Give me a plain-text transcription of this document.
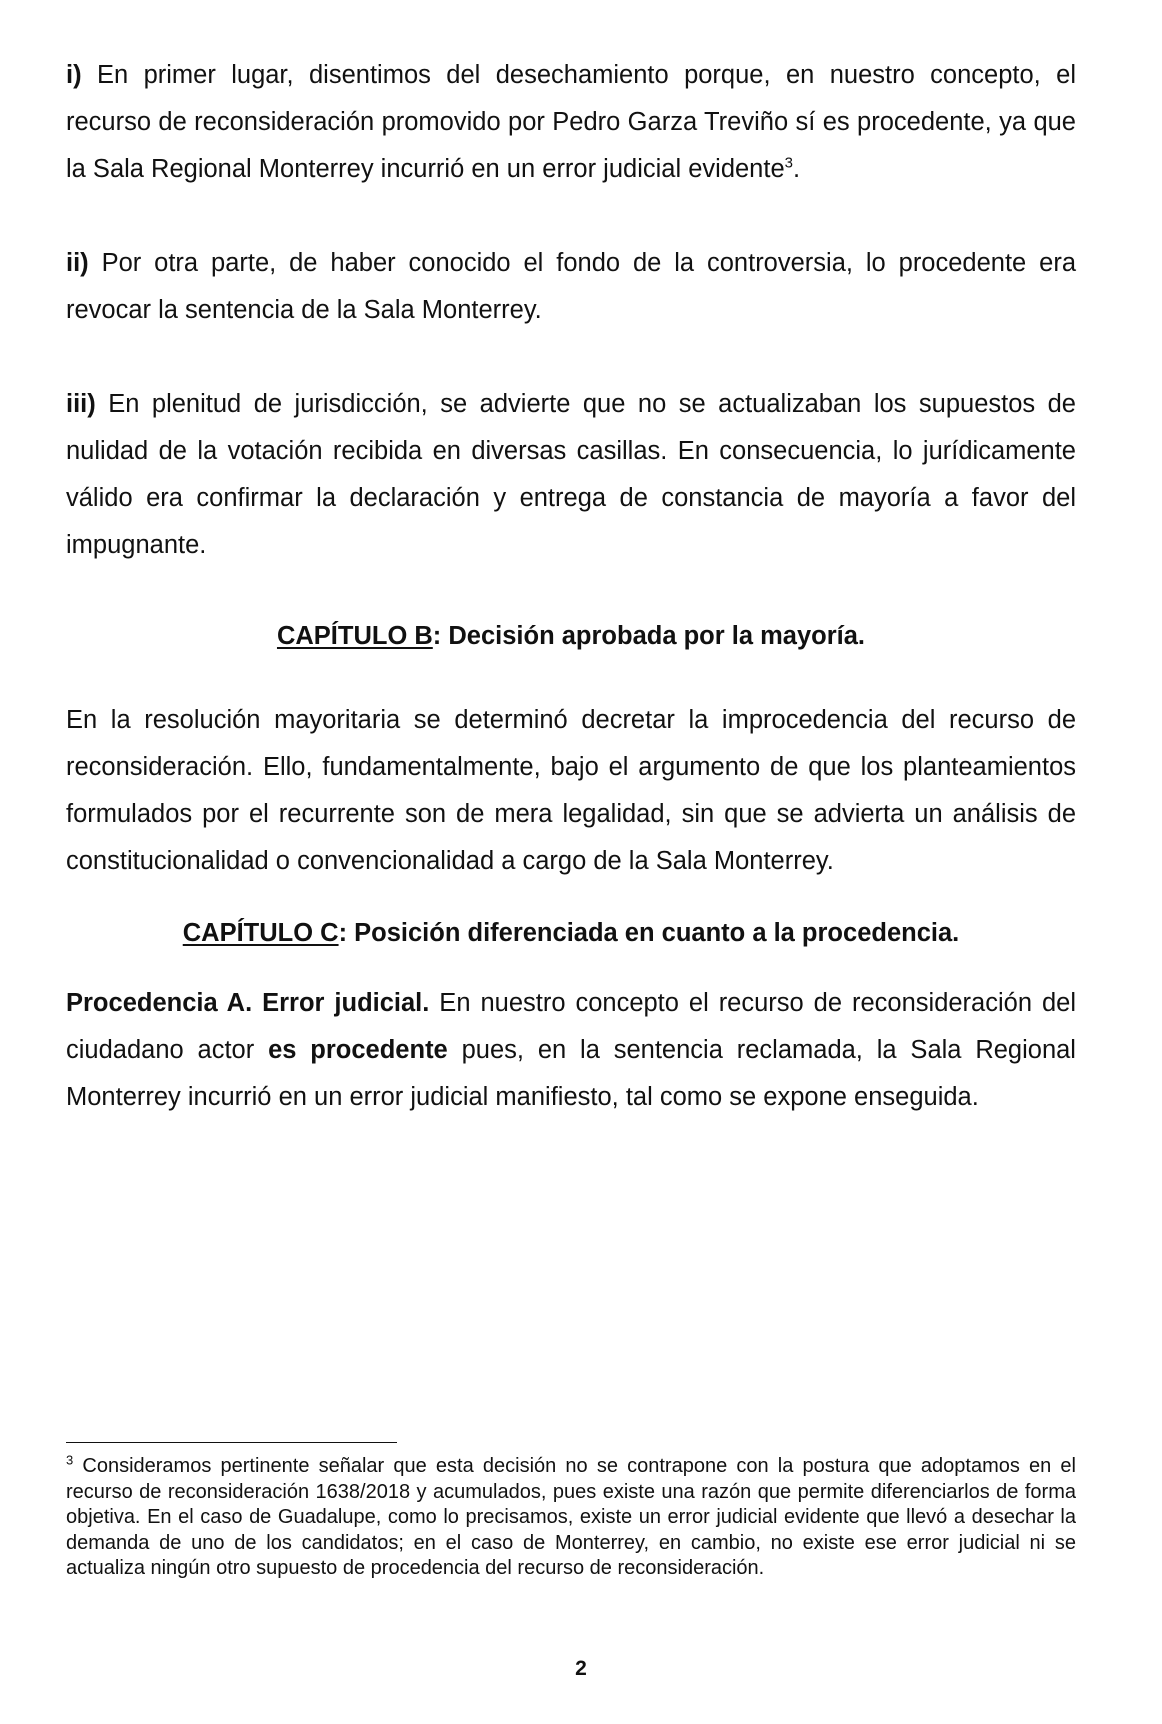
i) En primer lugar, disentimos del desechamiento porque, en nuestro concepto, el recurso de reconsideración promovido por Pedro Garza Treviño sí es procedente, ya que la Sala Regional Monterrey incurrió en un error judicial evidente$^3$.

ii) Por otra parte, de haber conocido el fondo de la controversia, lo procedente era revocar la sentencia de la Sala Monterrey.

iii) En plenitud de jurisdicción, se advierte que no se actualizaban los supuestos de nulidad de la votación recibida en diversas casillas. En consecuencia, lo jurídicamente válido era confirmar la declaración y entrega de constancia de mayoría a favor del impugnante.

CAPÍTULO B: Decisión aprobada por la mayoría.

En la resolución mayoritaria se determinó decretar la improcedencia del recurso de reconsideración. Ello, fundamentalmente, bajo el argumento de que los planteamientos formulados por el recurrente son de mera legalidad, sin que se advierta un análisis de constitucionalidad o convencionalidad a cargo de la Sala Monterrey.

CAPÍTULO C: Posición diferenciada en cuanto a la procedencia.

Procedencia A. Error judicial. En nuestro concepto el recurso de reconsideración del ciudadano actor es procedente pues, en la sentencia reclamada, la Sala Regional Monterrey incurrió en un error judicial manifiesto, tal como se expone enseguida.

$^3$ Consideramos pertinente señalar que esta decisión no se contrapone con la postura que adoptamos en el recurso de reconsideración 1638/2018 y acumulados, pues existe una razón que permite diferenciarlos de forma objetiva. En el caso de Guadalupe, como lo precisamos, existe un error judicial evidente que llevó a desechar la demanda de uno de los candidatos; en el caso de Monterrey, en cambio, no existe ese error judicial ni se actualiza ningún otro supuesto de procedencia del recurso de reconsideración.

2
